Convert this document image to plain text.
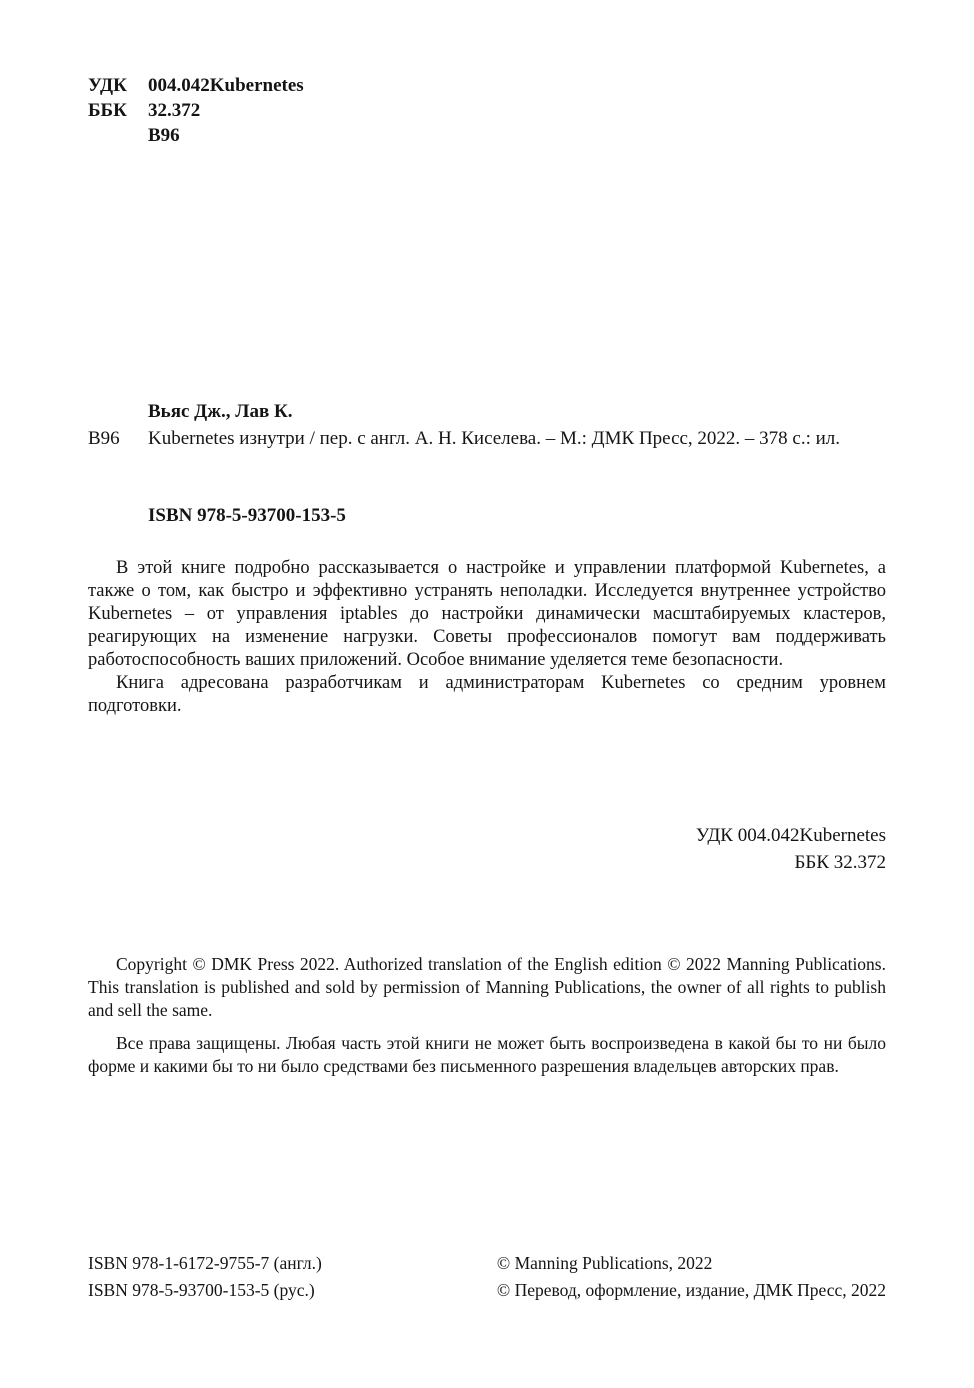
УДК	004.042Kubernetes
ББК	32.372
В96
Вьяс Дж., Лав К.
В96 Kubernetes изнутри / пер. с англ. А. Н. Киселева. – М.: ДМК Пресс, 2022. – 378 с.: ил.
ISBN 978-5-93700-153-5

В этой книге подробно рассказывается о настройке и управлении платформой Kubernetes, а также о том, как быстро и эффективно устранять неполадки. Исследуется внутреннее устройство Kubernetes – от управления iptables до настройки динамически масштабируемых кластеров, реагирующих на изменение нагрузки. Советы профессионалов помогут вам поддерживать работоспособность ваших приложений. Особое внимание уделяется теме безопасности.

Книга адресована разработчикам и администраторам Kubernetes со средним уровнем подготовки.

УДК 004.042Kubernetes
ББК 32.372

Copyright © DMK Press 2022. Authorized translation of the English edition © 2022 Manning Publications. This translation is published and sold by permission of Manning Publications, the owner of all rights to publish and sell the same.

Все права защищены. Любая часть этой книги не может быть воспроизведена в какой бы то ни было форме и какими бы то ни было средствами без письменного разрешения владельцев авторских прав.

ISBN 978-1-6172-9755-7 (англ.)
ISBN 978-5-93700-153-5 (рус.)
© Manning Publications, 2022
© Перевод, оформление, издание, ДМК Пресс, 2022
